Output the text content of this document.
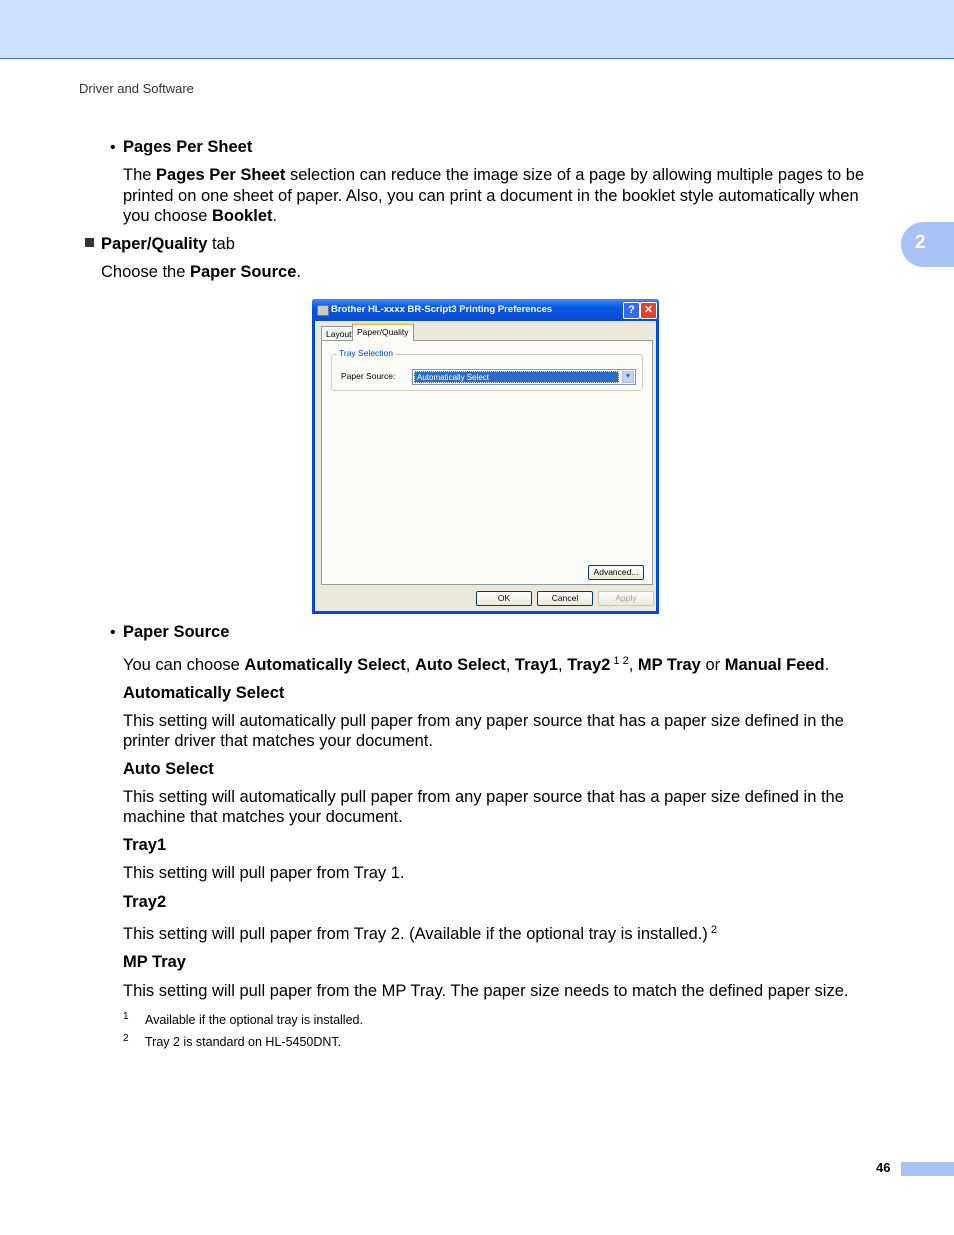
Driver and Software
2
• Pages Per Sheet
The Pages Per Sheet selection can reduce the image size of a page by allowing multiple pages to be
printed on one sheet of paper. Also, you can print a document in the booklet style automatically when
you choose Booklet.
Paper/Quality tab
Choose the Paper Source.
Brother HL-xxxx BR-Script3 Printing Preferences	? ✕
Layout Paper/Quality
Tray Selection
Paper Source:	Automatically Select	▼
Advanced...
OK	Cancel	Apply
• Paper Source
You can choose Automatically Select, Auto Select, Tray1, Tray2 $^{1 2}$, MP Tray or Manual Feed.
Automatically Select
This setting will automatically pull paper from any paper source that has a paper size defined in the
printer driver that matches your document.
Auto Select
This setting will automatically pull paper from any paper source that has a paper size defined in the
machine that matches your document.
Tray1
This setting will pull paper from Tray 1.
Tray2
This setting will pull paper from Tray 2. (Available if the optional tray is installed.) $^2$
MP Tray
This setting will pull paper from the MP Tray. The paper size needs to match the defined paper size.
1 Available if the optional tray is installed.
2 Tray 2 is standard on HL-5450DNT.
46
